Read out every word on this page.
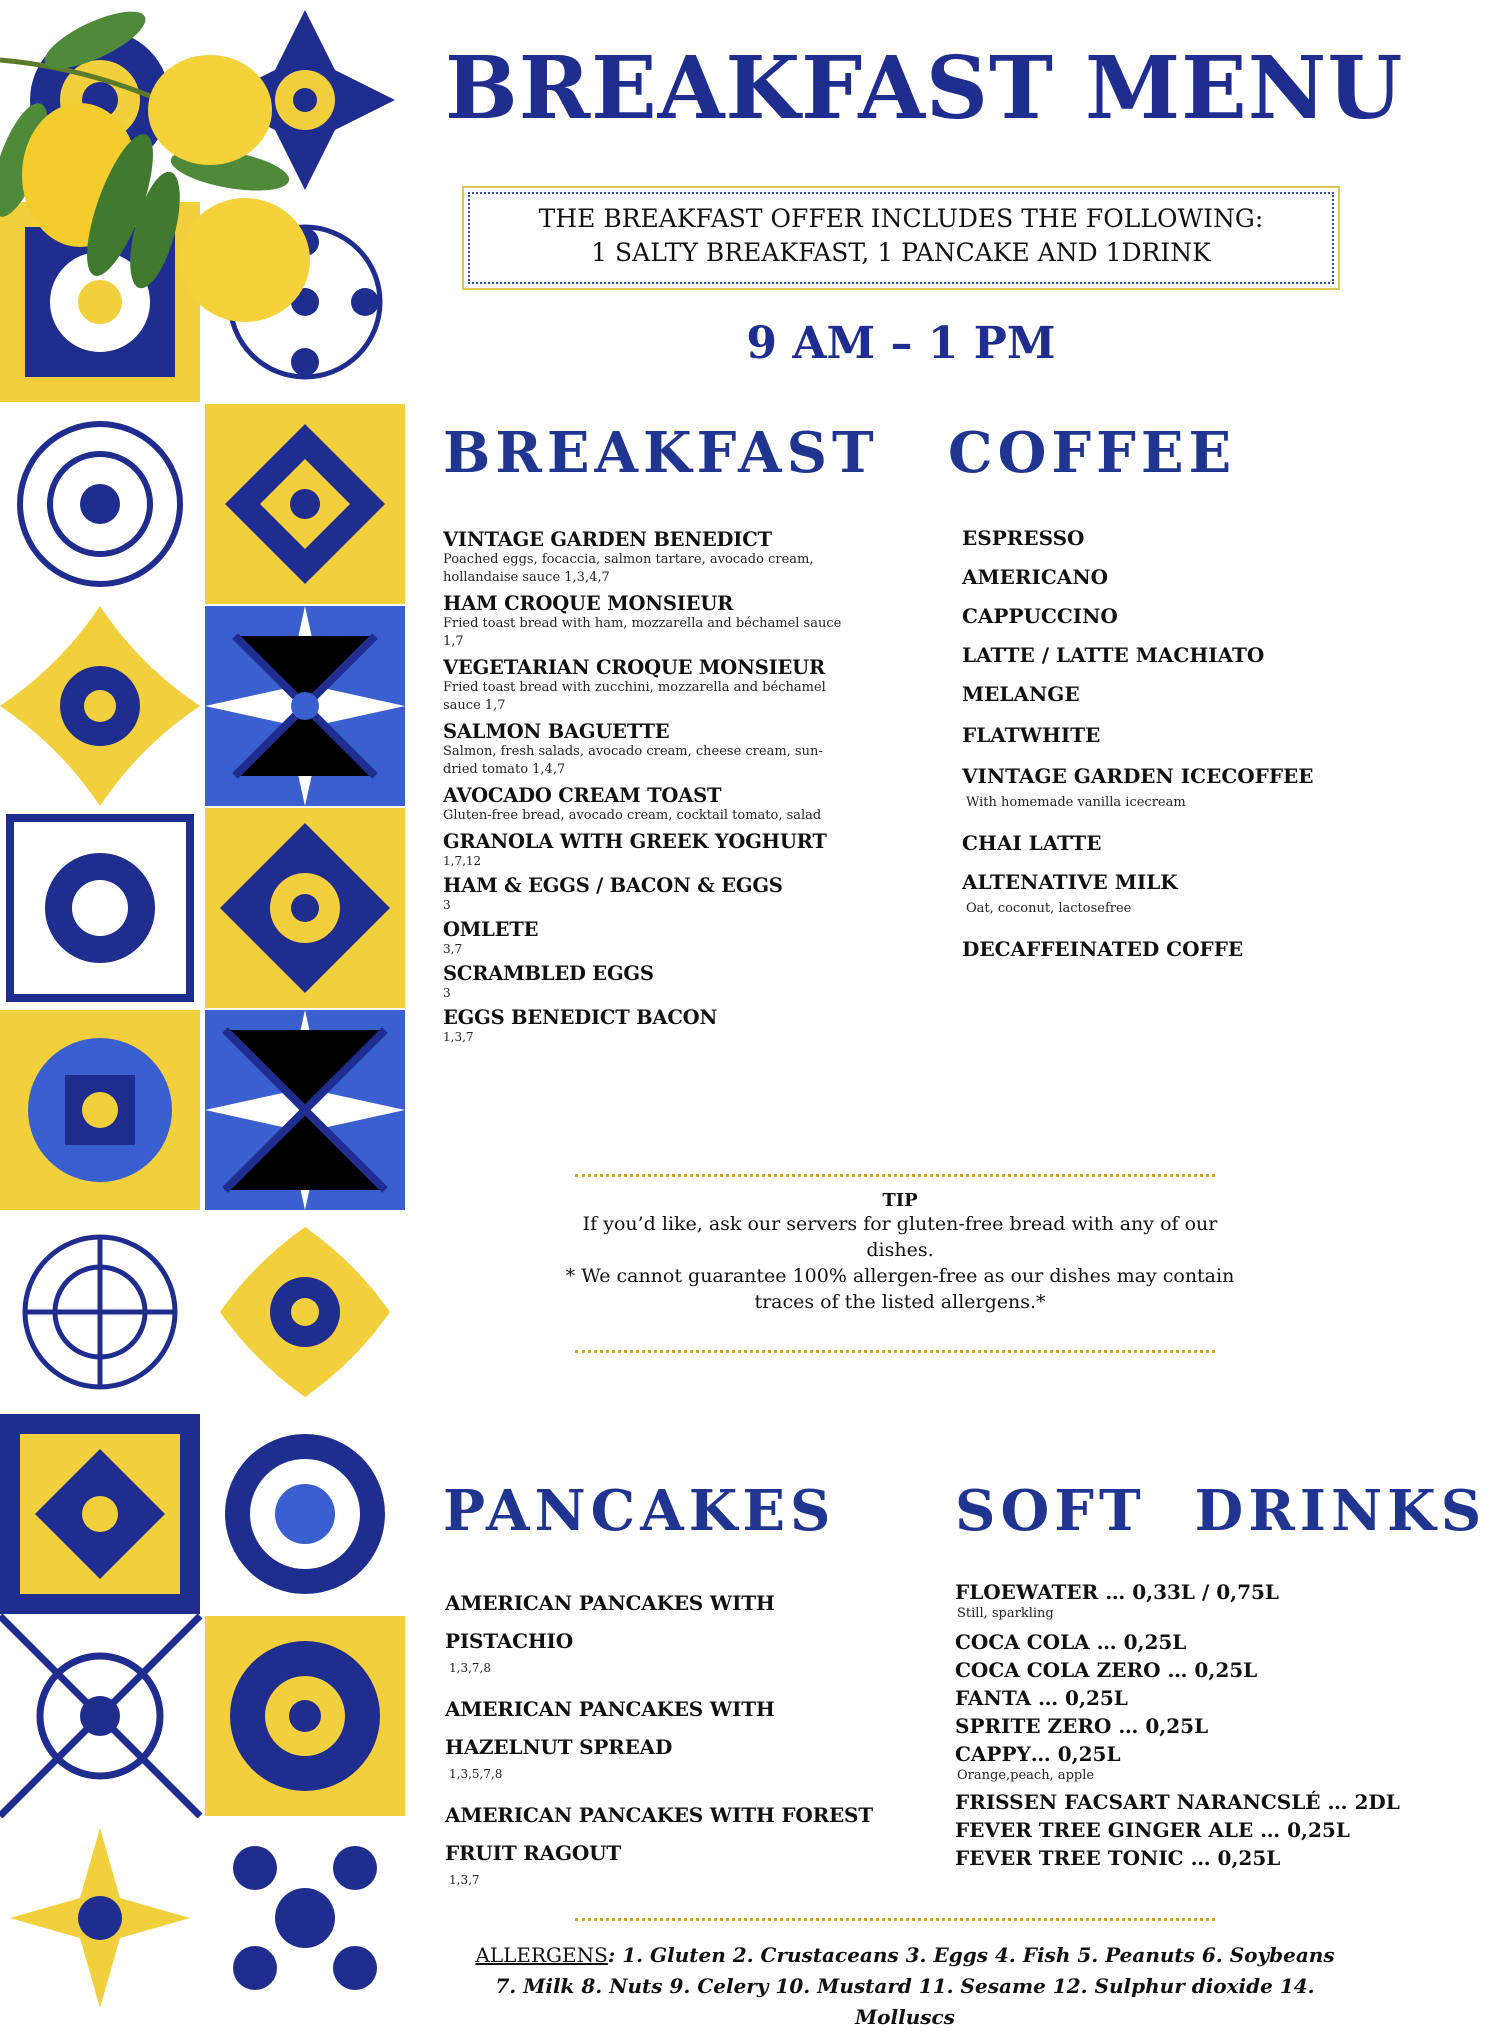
BREAKFAST MENU
THE BREAKFAST OFFER INCLUDES THE FOLLOWING:
1 SALTY BREAKFAST, 1 PANCAKE AND 1DRINK
9 AM – 1 PM
BREAKFAST
VINTAGE GARDEN BENEDICT
Poached eggs, focaccia, salmon tartare, avocado cream, hollandaise sauce 1,3,4,7
HAM CROQUE MONSIEUR
Fried toast bread with ham, mozzarella and béchamel sauce 1,7
VEGETARIAN CROQUE MONSIEUR
Fried toast bread with zucchini, mozzarella and béchamel sauce 1,7
SALMON BAGUETTE
Salmon, fresh salads, avocado cream, cheese cream, sun-dried tomato 1,4,7
AVOCADO CREAM TOAST
Gluten-free bread, avocado cream, cocktail tomato, salad
GRANOLA WITH GREEK YOGHURT
1,7,12
HAM & EGGS / BACON & EGGS
3
OMLETE
3,7
SCRAMBLED EGGS
3
EGGS BENEDICT BACON
1,3,7
COFFEE
ESPRESSO
AMERICANO
CAPPUCCINO
LATTE / LATTE MACHIATO
MELANGE
FLATWHITE
VINTAGE GARDEN ICECOFFEE
With homemade vanilla icecream
CHAI LATTE
ALTENATIVE MILK
Oat, coconut, lactosefree
DECAFFEINATED COFFE
TIP
If you’d like, ask our servers for gluten-free bread with any of our dishes.
* We cannot guarantee 100% allergen-free as our dishes may contain traces of the listed allergens.*
PANCAKES
AMERICAN PANCAKES WITH PISTACHIO
1,3,7,8
AMERICAN PANCAKES WITH HAZELNUT SPREAD
1,3,5,7,8
AMERICAN PANCAKES WITH FOREST FRUIT RAGOUT
1,3,7
SOFT  DRINKS
FLOEWATER … 0,33L / 0,75L
Still, sparkling
COCA COLA … 0,25L
COCA COLA ZERO … 0,25L
FANTA … 0,25L
SPRITE ZERO … 0,25L
CAPPY… 0,25L
Orange,peach, apple
FRISSEN FACSART NARANCSLÉ … 2DL
FEVER TREE GINGER ALE … 0,25L
FEVER TREE TONIC … 0,25L
ALLERGENS: 1. Gluten 2. Crustaceans 3. Eggs 4. Fish 5. Peanuts 6. Soybeans 7. Milk 8. Nuts 9. Celery 10. Mustard 11. Sesame 12. Sulphur dioxide 14. Molluscs
